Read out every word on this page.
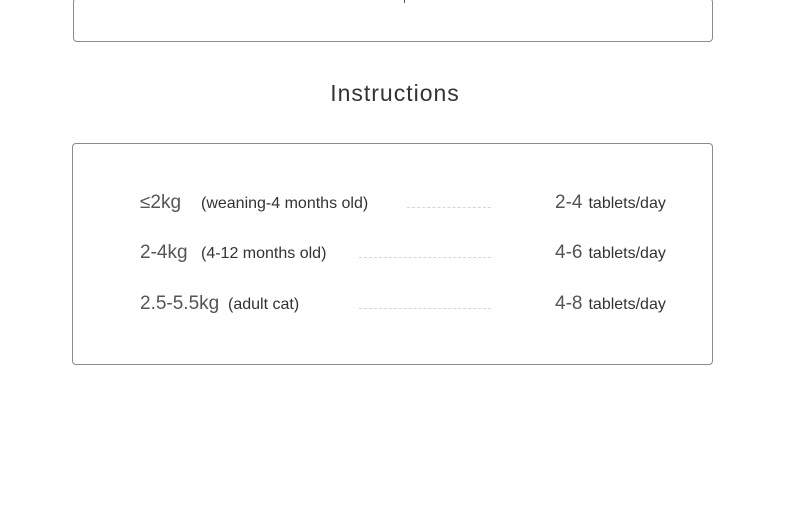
Instructions
≤2kg (weaning-4 months old)	2-4 tablets/day
2-4kg (4-12 months old)	4-6 tablets/day
2.5-5.5kg (adult cat)	4-8 tablets/day
